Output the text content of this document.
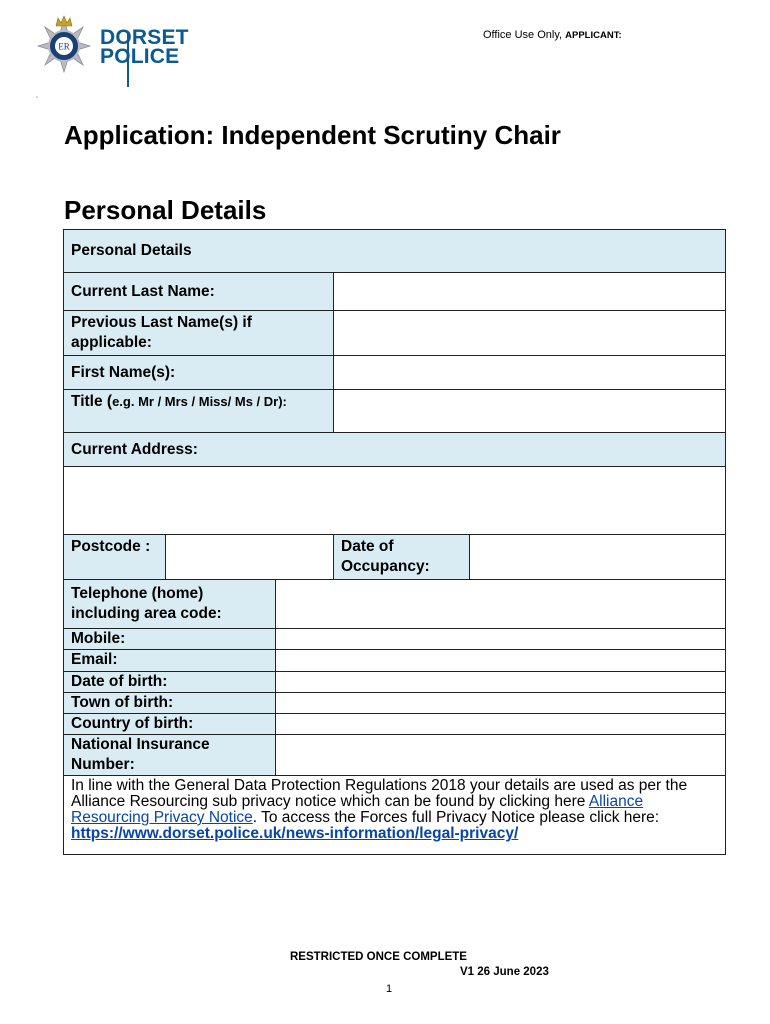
ER DORSET
POLICE
Office Use Only, APPLICANT:
"
Application: Independent Scrutiny Chair
Personal Details
Personal Details				
Current Last Name:				
Previous Last Name(s) if applicable:				
First Name(s):				
Title (e.g. Mr / Mrs / Miss/ Ms / Dr):				
Current Address:				

Postcode :			Date of Occupancy:	
Telephone (home) including area code:				
Mobile:				
Email:				
Date of birth:				
Town of birth:				
Country of birth:				
National Insurance Number:				
In line with the General Data Protection Regulations 2018 your details are used as per the Alliance Resourcing sub privacy notice which can be found by clicking here Alliance Resourcing Privacy Notice. To access the Forces full Privacy Notice please click here:
https://www.dorset.police.uk/news-information/legal-privacy/				
RESTRICTED ONCE COMPLETE
V1 26 June 2023
1
